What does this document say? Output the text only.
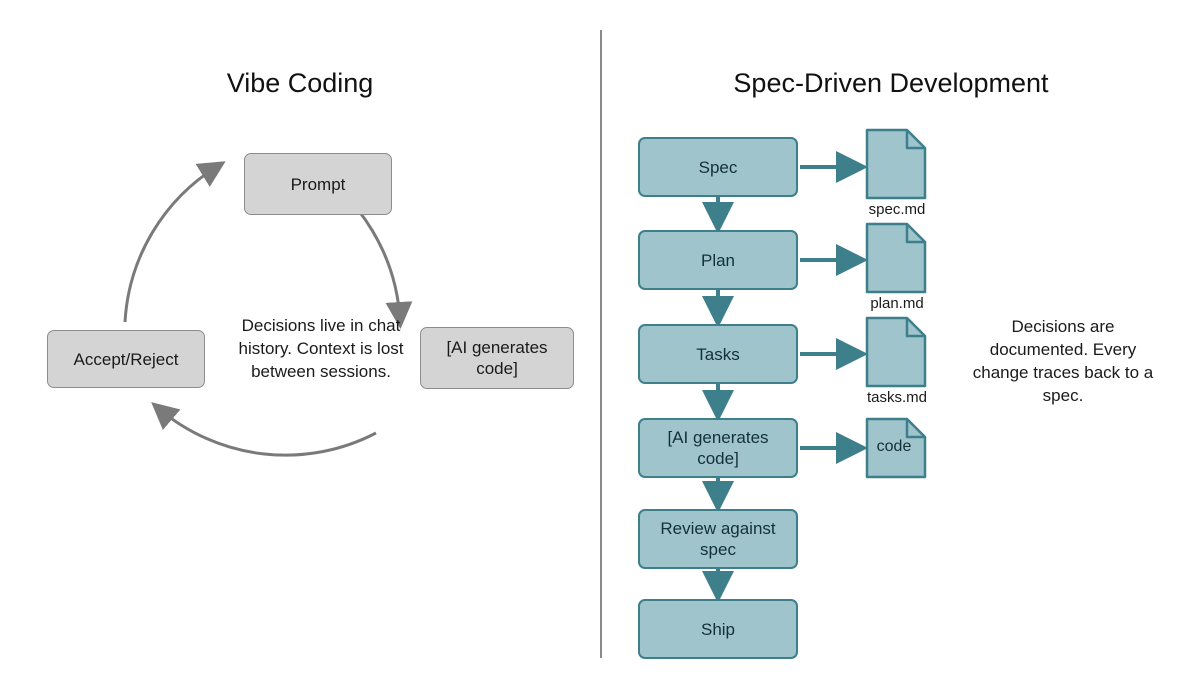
Vibe Coding	Spec-Driven Development
Prompt
[AI generates code]
Accept/Reject
Decisions live in chat history. Context is lost between sessions.
Spec
Plan
Tasks
[AI generates code]
Review against spec
Ship
spec.md
plan.md
tasks.md
code
Decisions are documented. Every change traces back to a spec.
